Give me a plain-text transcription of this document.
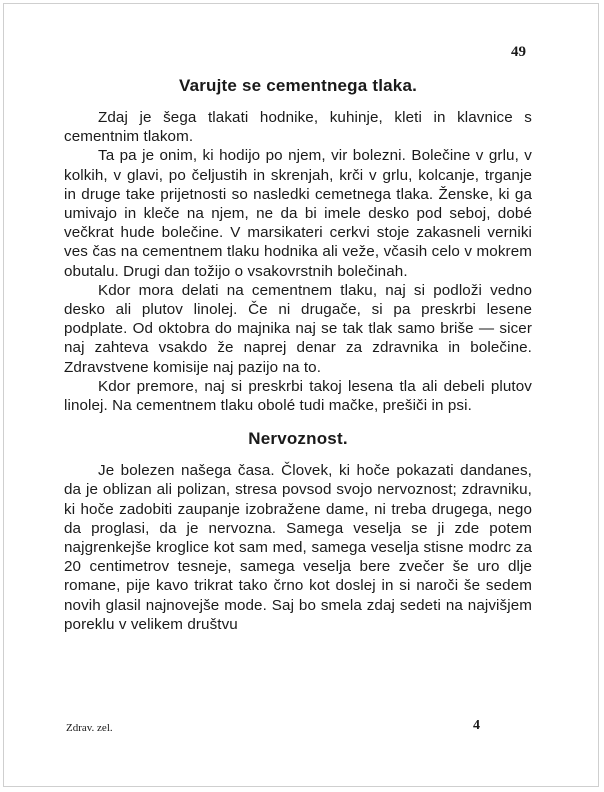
49
Varujte se cementnega tlaka.

Zdaj je šega tlakati hodnike, kuhinje, kleti in klavnice s cementnim tlakom.

Ta pa je onim, ki hodijo po njem, vir bolezni. Bolečine v grlu, v kolkih, v glavi, po čeljustih in skrenjah, krči v grlu, kolcanje, trganje in druge take prijetnosti so nasledki cemetnega tlaka. Ženske, ki ga umivajo in kleče na njem, ne da bi imele desko pod seboj, dobé večkrat hude bolečine. V marsikateri cerkvi stoje zakasneli verniki ves čas na cementnem tlaku hodnika ali veže, včasih celo v mokrem obutalu. Drugi dan tožijo o vsakovrstnih bolečinah.

Kdor mora delati na cementnem tlaku, naj si podloži vedno desko ali plutov linolej. Če ni drugače, si pa preskrbi lesene podplate. Od oktobra do majnika naj se tak tlak samo briše — sicer naj zahteva vsakdo že naprej denar za zdravnika in bolečine. Zdravstvene komisije naj pazijo na to.

Kdor premore, naj si preskrbi takoj lesena tla ali debeli plutov linolej. Na cementnem tlaku obolé tudi mačke, prešiči in psi.

Nervoznost.

Je bolezen našega časa. Človek, ki hoče pokazati dandanes, da je oblizan ali polizan, stresa povsod svojo nervoznost; zdravniku, ki hoče zadobiti zaupanje izobražene dame, ni treba drugega, nego da proglasi, da je nervozna. Samega veselja se ji zde potem najgrenkejše kroglice kot sam med, samega veselja stisne modrc za 20 centimetrov tesneje, samega veselja bere zvečer še uro dlje romane, pije kavo trikrat tako črno kot doslej in si naroči še sedem novih glasil najnovejše mode. Saj bo smela zdaj sedeti na najvišjem poreklu v velikem društvu

Zdrav. zel.	4
